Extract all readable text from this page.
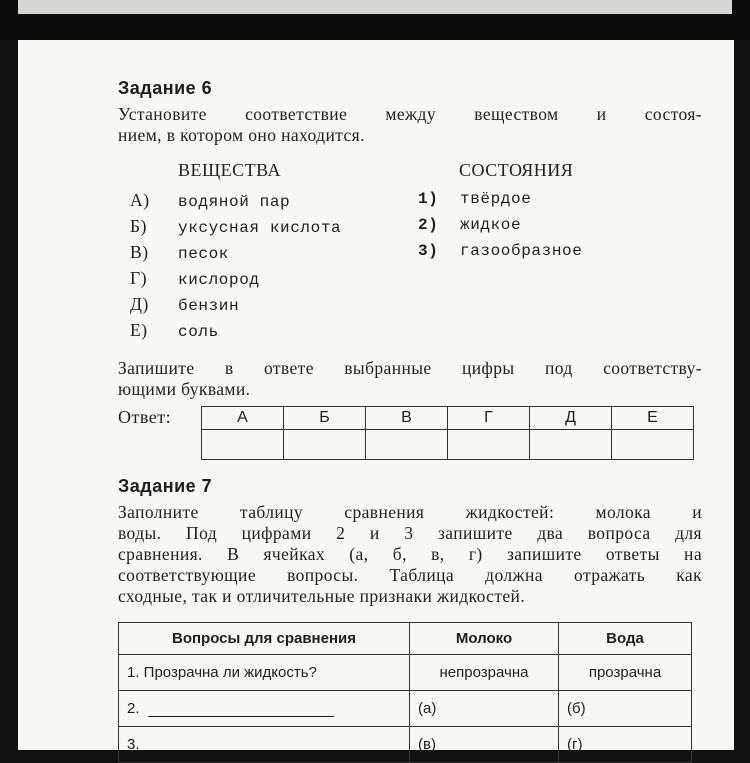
Задание 6
Установите соответствие между веществом и состоя-
нием, в котором оно находится.
ВЕЩЕСТВА	СОСТОЯНИЯ
А) водяной пар
Б) уксусная кислота
В) песок
Г) кислород
Д) бензин
Е) соль
1) твёрдое
2) жидкое
3) газообразное
Запишите в ответе выбранные цифры под соответству-
ющими буквами.
Ответ:	А	Б	В	Г	Д	Е

Задание 7
Заполните таблицу сравнения жидкостей: молока и
воды. Под цифрами 2 и 3 запишите два вопроса для
сравнения. В ячейках (а, б, в, г) запишите ответы на
соответствующие вопросы. Таблица должна отражать как
сходные, так и отличительные признаки жидкостей.
Вопросы для сравнения	Молоко	Вода
1. Прозрачна ли жидкость?	непрозрачна	прозрачна
2.	(а)	(б)
3.	(в)	(г)
